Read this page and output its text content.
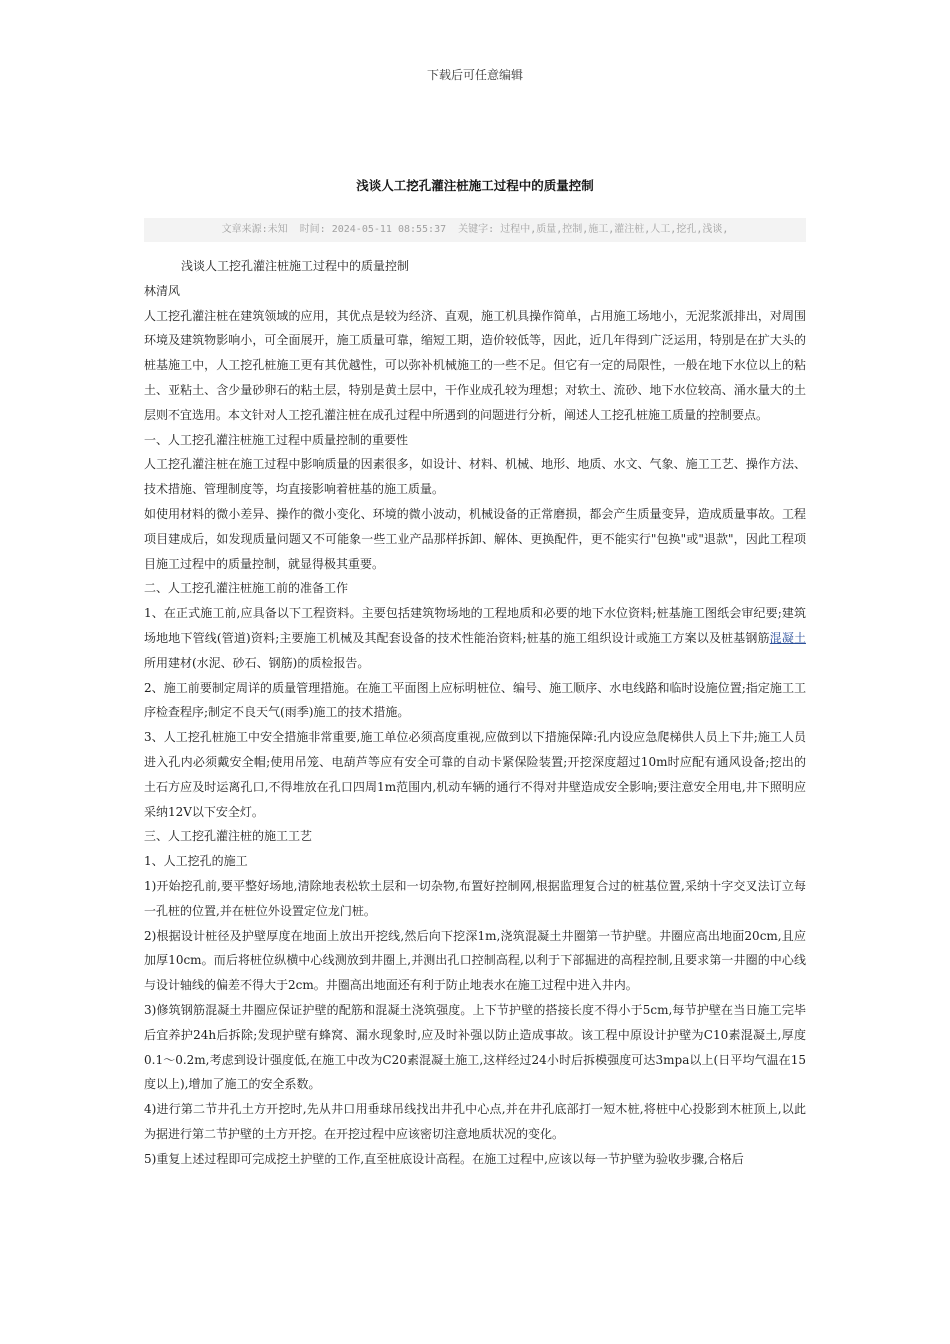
下载后可任意编辑
浅谈人工挖孔灌注桩施工过程中的质量控制
文章来源:未知 时间: 2024-05-11 08:55:37 关键字: 过程中,质量,控制,施工,灌注桩,人工,挖孔,浅谈,

浅谈人工挖孔灌注桩施工过程中的质量控制

林清风

人工挖孔灌注桩在建筑领域的应用，其优点是较为经济、直观，施工机具操作简单，占用施工场地小，无泥浆派排出，对周围环境及建筑物影响小，可全面展开，施工质量可靠，缩短工期，造价较低等，因此，近几年得到广泛运用，特别是在扩大头的桩基施工中，人工挖孔桩施工更有其优越性，可以弥补机械施工的一些不足。但它有一定的局限性，一般在地下水位以上的粘土、亚粘土、含少量砂卵石的粘土层，特别是黄土层中，干作业成孔较为理想；对软土、流砂、地下水位较高、涌水量大的土层则不宜选用。本文针对人工挖孔灌注桩在成孔过程中所遇到的问题进行分析，阐述人工挖孔桩施工质量的控制要点。

一、人工挖孔灌注桩施工过程中质量控制的重要性

人工挖孔灌注桩在施工过程中影响质量的因素很多，如设计、材料、机械、地形、地质、水文、气象、施工工艺、操作方法、技术措施、管理制度等，均直接影响着桩基的施工质量。

如使用材料的微小差异、操作的微小变化、环境的微小波动，机械设备的正常磨损，都会产生质量变异，造成质量事故。工程项目建成后，如发现质量问题又不可能象一些工业产品那样拆卸、解体、更换配件，更不能实行"包换"或"退款"，因此工程项目施工过程中的质量控制，就显得极其重要。

二、人工挖孔灌注桩施工前的准备工作

1、在正式施工前,应具备以下工程资料。主要包括建筑物场地的工程地质和必要的地下水位资料;桩基施工图纸会审纪要;建筑场地地下管线(管道)资料;主要施工机械及其配套设备的技术性能治资料;桩基的施工组织设计或施工方案以及桩基钢筋混凝土所用建材(水泥、砂石、钢筋)的质检报告。

2、施工前要制定周详的质量管理措施。在施工平面图上应标明桩位、编号、施工顺序、水电线路和临时设施位置;指定施工工序检查程序;制定不良天气(雨季)施工的技术措施。

3、人工挖孔桩施工中安全措施非常重要,施工单位必须高度重视,应做到以下措施保障:孔内设应急爬梯供人员上下井;施工人员进入孔内必须戴安全帽;使用吊笼、电葫芦等应有安全可靠的自动卡紧保险装置;开挖深度超过10m时应配有通风设备;挖出的土石方应及时运离孔口,不得堆放在孔口四周1m范围内,机动车辆的通行不得对井壁造成安全影响;要注意安全用电,井下照明应采纳12V以下安全灯。

三、人工挖孔灌注桩的施工工艺

1、人工挖孔的施工

1)开始挖孔前,要平整好场地,清除地表松软土层和一切杂物,布置好控制网,根据监理复合过的桩基位置,采纳十字交叉法订立每一孔桩的位置,并在桩位外设置定位龙门桩。

2)根据设计桩径及护壁厚度在地面上放出开挖线,然后向下挖深1m,浇筑混凝土井圈第一节护壁。井圈应高出地面20cm,且应加厚10cm。而后将桩位纵横中心线测放到井圈上,并测出孔口控制高程,以利于下部掘进的高程控制,且要求第一井圈的中心线与设计轴线的偏差不得大于2cm。井圈高出地面还有利于防止地表水在施工过程中进入井内。

3)修筑钢筋混凝土井圈应保证护壁的配筋和混凝土浇筑强度。上下节护壁的搭接长度不得小于5cm,每节护壁在当日施工完毕后宜养护24h后拆除;发现护壁有蜂窝、漏水现象时,应及时补强以防止造成事故。该工程中原设计护壁为C10素混凝土,厚度0.1～0.2m,考虑到设计强度低,在施工中改为C20素混凝土施工,这样经过24小时后拆模强度可达3mpa以上(日平均气温在15度以上),增加了施工的安全系数。

4)进行第二节井孔土方开挖时,先从井口用垂球吊线找出井孔中心点,并在井孔底部打一短木桩,将桩中心投影到木桩顶上,以此为据进行第二节护壁的土方开挖。在开挖过程中应该密切注意地质状况的变化。

5)重复上述过程即可完成挖土护壁的工作,直至桩底设计高程。在施工过程中,应该以每一节护壁为验收步骤,合格后
